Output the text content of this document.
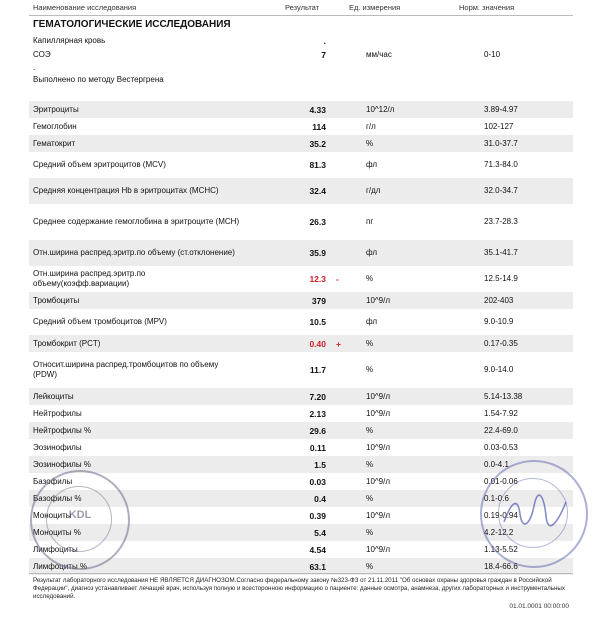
Наименование исследования	Результат	Ед. измерения	Норм. значения
ГЕМАТОЛОГИЧЕСКИЕ ИССЛЕДОВАНИЯ
Капиллярная кровь	.			
СОЭ	7		мм/час	0-10
.				
Выполнено по методу Вестергрена				

Эритроциты	4.33		10^12/л	3.89-4.97
Гемоглобин	114		г/л	102-127
Гематокрит	35.2		%	31.0-37.7
Средний объем эритроцитов (MCV)	81.3		фл	71.3-84.0
Средняя концентрация Hb в эритроцитах (MCHC)	32.4		г/дл	32.0-34.7
Среднее содержание гемоглобина в эритроците (MCH)	26.3		пг	23.7-28.3
Отн.ширина распред.эритр.по объему (ст.отклонение)	35.9		фл	35.1-41.7
Отн.ширина распред.эритр.по объему(коэфф.вариации)	12.3	-	%	12.5-14.9
Тромбоциты	379		10^9/л	202-403
Средний объем тромбоцитов (MPV)	10.5		фл	9.0-10.9
Тромбокрит (PCT)	0.40	+	%	0.17-0.35
Относит.ширина распред.тромбоцитов по объему (PDW)	11.7		%	9.0-14.0
Лейкоциты	7.20		10^9/л	5.14-13.38
Нейтрофилы	2.13		10^9/л	1.54-7.92
Нейтрофилы %	29.6		%	22.4-69.0
Эозинофилы	0.11		10^9/л	0.03-0.53
Эозинофилы %	1.5		%	0.0-4.1
Базофилы	0.03		10^9/л	0.01-0.06
Базофилы %	0.4		%	0.1-0.6
Моноциты	0.39		10^9/л	0.19-0.94
Моноциты %	5.4		%	4.2-12.2
Лимфоциты	4.54		10^9/л	1.13-5.52
Лимфоциты %	63.1		%	18.4-66.6
Результат лабораторного исследования НЕ ЯВЛЯЕТСЯ ДИАГНОЗОМ.Согласно федеральному закону №323-ФЗ от 21.11.2011 "Об основах охраны здоровья граждан в Российской Федерации", диагноз устанавливает лечащий врач, используя полную и всесторонною информацию о пациенте: данные осмотра, анамнеза, других лабораторных и инструментальных исследований.
01.01.0001 00:00:00
KDL
